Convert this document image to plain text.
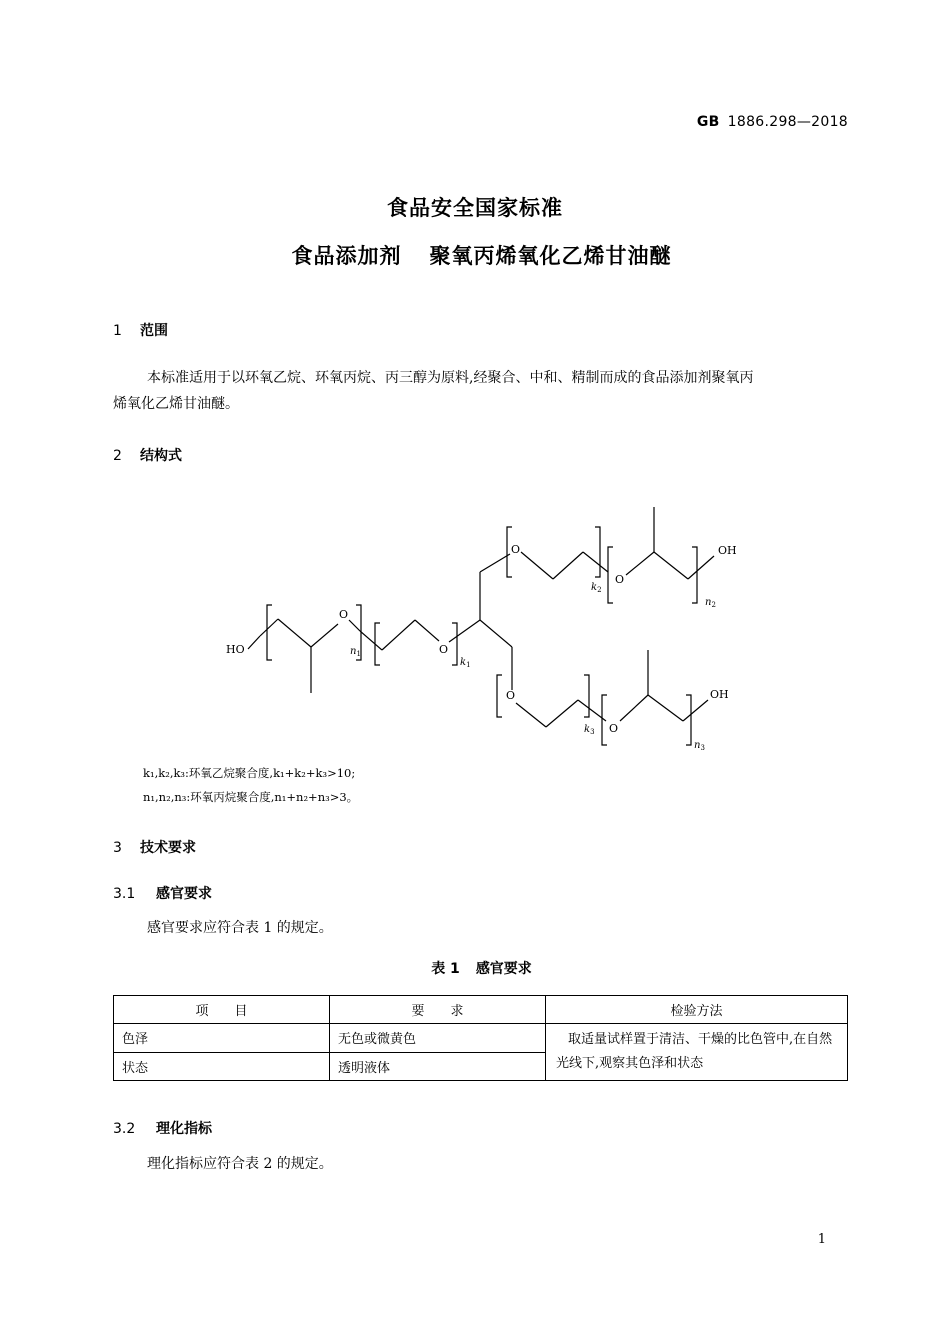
GB 1886.298—2018
食品安全国家标准
食品添加剂 聚氧丙烯氧化乙烯甘油醚
1 范围
本标准适用于以环氧乙烷、环氧丙烷、丙三醇为原料,经聚合、中和、精制而成的食品添加剂聚氧丙
烯氧化乙烯甘油醚。
2 结构式
HO
O
$n_1$	O
$k_1$
O
$k_2$
O
$n_2$
OH
O
$k_3$ O
$n_3$
OH
k₁,k₂,k₃:环氧乙烷聚合度,k₁+k₂+k₃>10;
n₁,n₂,n₃:环氧丙烷聚合度,n₁+n₂+n₃>3。
3 技术要求
3.1 感官要求
感官要求应符合表 1 的规定。
表 1 感官要求
项　　目	要　　求	检验方法
色泽	无色或微黄色	取适量试样置于清洁、干燥的比色管中,在自然光线下,观察其色泽和状态
状态	透明液体	
3.2 理化指标
理化指标应符合表 2 的规定。
1
